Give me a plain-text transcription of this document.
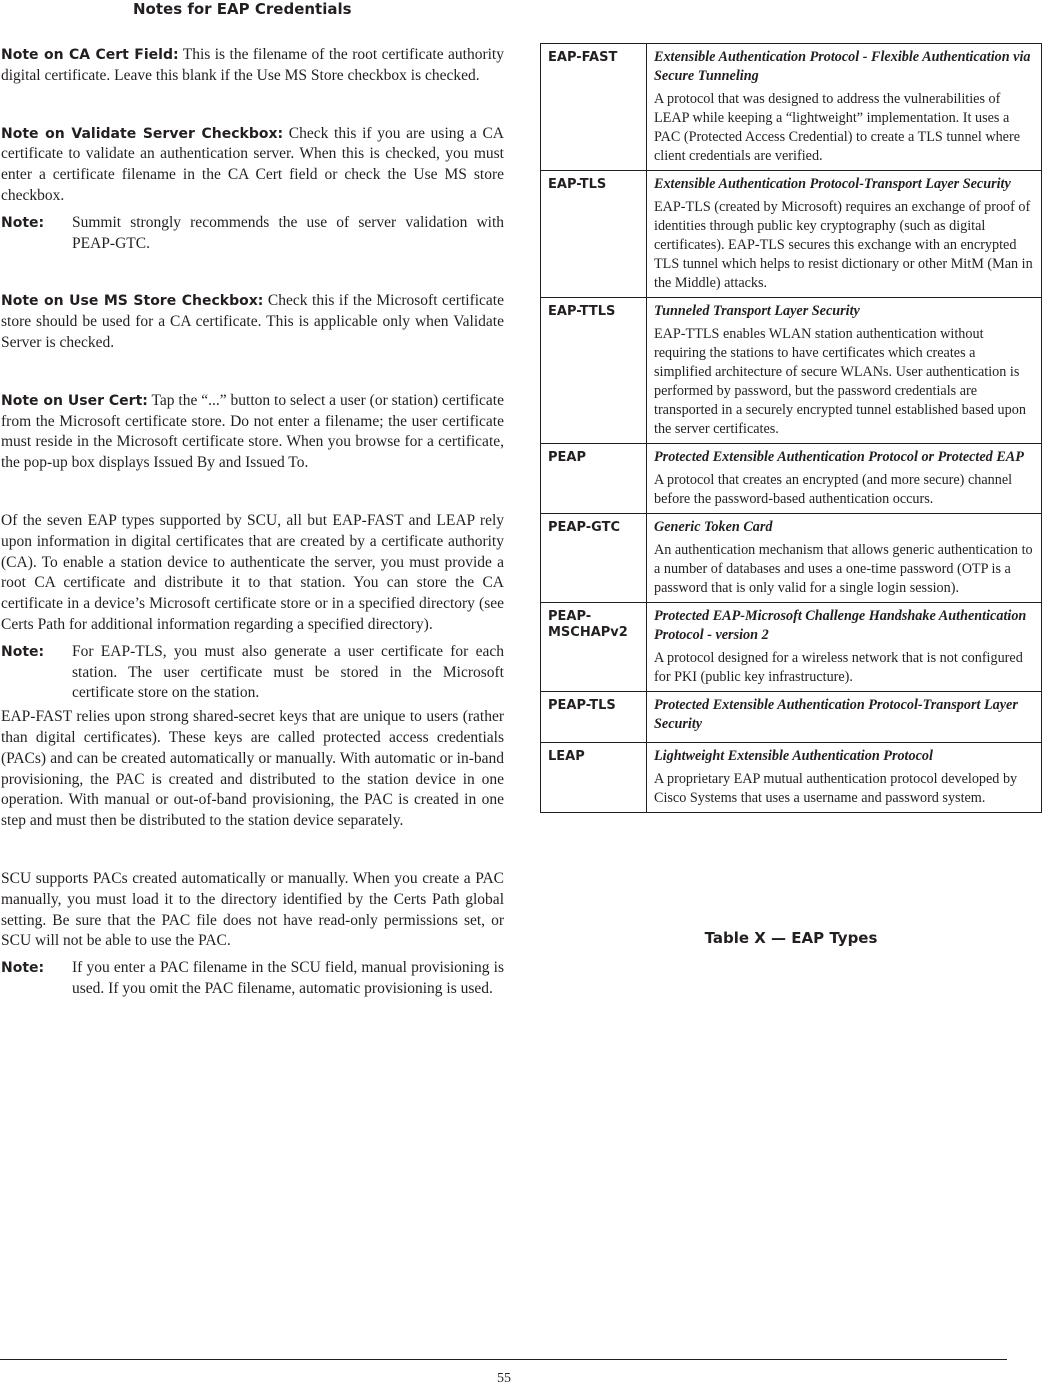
Notes for EAP Credentials

Note on CA Cert Field: This is the filename of the root certificate authority digital certificate. Leave this blank if the Use MS Store checkbox is checked.

Note on Validate Server Checkbox: Check this if you are using a CA certificate to validate an authentication server. When this is checked, you must enter a certificate filename in the CA Cert field or check the Use MS store checkbox.

Note:	Summit strongly recommends the use of server validation with PEAP-GTC.

Note on Use MS Store Checkbox: Check this if the Microsoft certificate store should be used for a CA certificate. This is applicable only when Validate Server is checked.

Note on User Cert: Tap the “...” button to select a user (or station) certificate from the Microsoft certificate store. Do not enter a filename; the user certificate must reside in the Microsoft certificate store. When you browse for a certificate, the pop-up box displays Issued By and Issued To.

Of the seven EAP types supported by SCU, all but EAP-FAST and LEAP rely upon information in digital certificates that are created by a certificate authority (CA). To enable a station device to authenticate the server, you must provide a root CA certificate and distribute it to that station. You can store the CA certificate in a device’s Microsoft certificate store or in a specified directory (see Certs Path for additional information regarding a specified directory).

Note:	For EAP-TLS, you must also generate a user certificate for each station. The user certificate must be stored in the Microsoft certificate store on the station.

EAP-FAST relies upon strong shared-secret keys that are unique to users (rather than digital certificates). These keys are called protected access credentials (PACs) and can be created automatically or manually. With automatic or in-band provisioning, the PAC is created and distributed to the station device in one operation. With manual or out-of-band provisioning, the PAC is created in one step and must then be distributed to the station device separately.

SCU supports PACs created automatically or manually. When you create a PAC manually, you must load it to the directory identified by the Certs Path global setting. Be sure that the PAC file does not have read-only permissions set, or SCU will not be able to use the PAC.

Note:	If you enter a PAC filename in the SCU field, manual provisioning is used. If you omit the PAC filename, automatic provisioning is used.

EAP-FAST	Extensible Authentication Protocol - Flexible Authentication via Secure Tunneling

A protocol that was designed to address the vulnerabilities of LEAP while keeping a “lightweight” implementation. It uses a PAC (Protected Access Credential) to create a TLS tunnel where client credentials are verified.

EAP-TLS	Extensible Authentication Protocol-Transport Layer Security

EAP-TLS (created by Microsoft) requires an exchange of proof of identities through public key cryptography (such as digital certificates). EAP-TLS secures this exchange with an encrypted TLS tunnel which helps to resist dictionary or other MitM (Man in the Middle) attacks.

EAP-TTLS	Tunneled Transport Layer Security

EAP-TTLS enables WLAN station authentication without requiring the stations to have certificates which creates a simplified architecture of secure WLANs. User authentication is performed by password, but the password credentials are transported in a securely encrypted tunnel established based upon the server certificates.

PEAP	Protected Extensible Authentication Protocol or Protected EAP

A protocol that creates an encrypted (and more secure) channel before the password-based authentication occurs.

PEAP-GTC	Generic Token Card

An authentication mechanism that allows generic authentication to a number of databases and uses a one-time password (OTP is a password that is only valid for a single login session).

PEAP-MSCHAPv2	Protected EAP-Microsoft Challenge Handshake Authentication Protocol - version 2

A protocol designed for a wireless network that is not configured for PKI (public key infrastructure).

PEAP-TLS	Protected Extensible Authentication Protocol-Transport Layer Security

LEAP	Lightweight Extensible Authentication Protocol

A proprietary EAP mutual authentication protocol developed by Cisco Systems that uses a username and password system.

Table X — EAP Types
55
